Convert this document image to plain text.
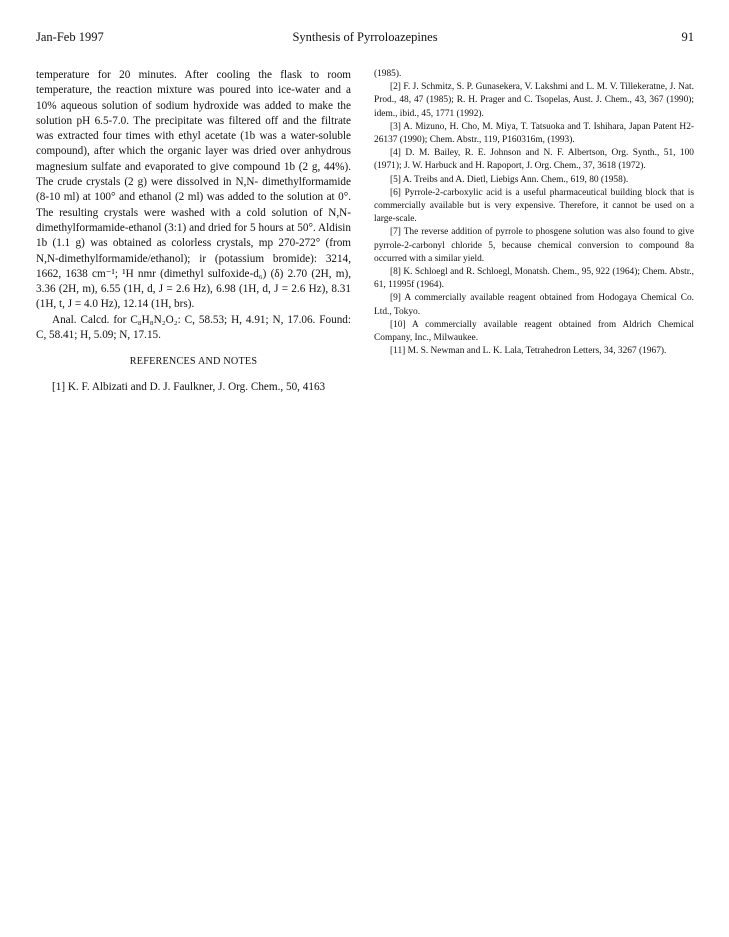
Jan-Feb 1997	Synthesis of Pyrroloazepines	91

temperature for 20 minutes. After cooling the flask to room temperature, the reaction mixture was poured into ice-water and a 10% aqueous solution of sodium hydroxide was added to make the solution pH 6.5-7.0. The precipitate was filtered off and the filtrate was extracted four times with ethyl acetate (1b was a water-soluble compound), after which the organic layer was dried over anhydrous magnesium sulfate and evaporated to give compound 1b (2 g, 44%). The crude crystals (2 g) were dissolved in N,N- dimethylformamide (8-10 ml) at 100° and ethanol (2 ml) was added to the solution at 0°. The resulting crystals were washed with a cold solution of N,N-dimethylformamide-ethanol (3:1) and dried for 5 hours at 50°. Aldisin 1b (1.1 g) was obtained as colorless crystals, mp 270-272° (from N,N-dimethylformamide/ethanol); ir (potassium bromide): 3214, 1662, 1638 cm⁻¹; ¹H nmr (dimethyl sulfoxide-d₆) (δ) 2.70 (2H, m), 3.36 (2H, m), 6.55 (1H, d, J = 2.6 Hz), 6.98 (1H, d, J = 2.6 Hz), 8.31 (1H, t, J = 4.0 Hz), 12.14 (1H, brs).

Anal. Calcd. for C₈H₈N₂O₂: C, 58.53; H, 4.91; N, 17.06. Found: C, 58.41; H, 5.09; N, 17.15.

REFERENCES AND NOTES

[1] K. F. Albizati and D. J. Faulkner, J. Org. Chem., 50, 4163

(1985).

[2] F. J. Schmitz, S. P. Gunasekera, V. Lakshmi and L. M. V. Tillekeratne, J. Nat. Prod., 48, 47 (1985); R. H. Prager and C. Tsopelas, Aust. J. Chem., 43, 367 (1990); idem., ibid., 45, 1771 (1992).

[3] A. Mizuno, H. Cho, M. Miya, T. Tatsuoka and T. Ishihara, Japan Patent H2-26137 (1990); Chem. Abstr., 119, P160316m, (1993).

[4] D. M. Bailey, R. E. Johnson and N. F. Albertson, Org. Synth., 51, 100 (1971); J. W. Harbuck and H. Rapoport, J. Org. Chem., 37, 3618 (1972).

[5] A. Treibs and A. Dietl, Liebigs Ann. Chem., 619, 80 (1958).

[6] Pyrrole-2-carboxylic acid is a useful pharmaceutical building block that is commercially available but is very expensive. Therefore, it cannot be used on a large-scale.

[7] The reverse addition of pyrrole to phosgene solution was also found to give pyrrole-2-carbonyl chloride 5, because chemical conversion to compound 8a occurred with a similar yield.

[8] K. Schloegl and R. Schloegl, Monatsh. Chem., 95, 922 (1964); Chem. Abstr., 61, 11995f (1964).

[9] A commercially available reagent obtained from Hodogaya Chemical Co. Ltd., Tokyo.

[10] A commercially available reagent obtained from Aldrich Chemical Company, Inc., Milwaukee.

[11] M. S. Newman and L. K. Lala, Tetrahedron Letters, 34, 3267 (1967).
